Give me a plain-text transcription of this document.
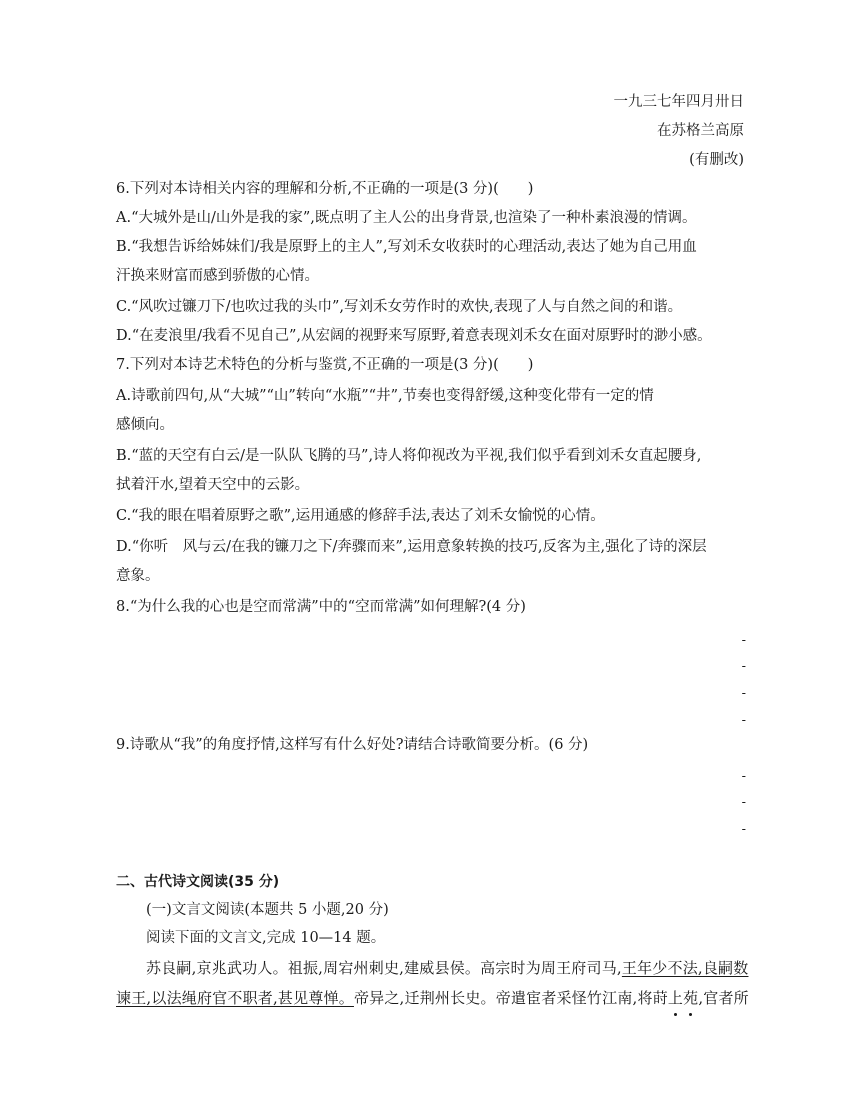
一九三七年四月卅日
在苏格兰高原
(有删改)
6.下列对本诗相关内容的理解和分析,不正确的一项是(3 分)(　　)
A.“大城外是山/山外是我的家”,既点明了主人公的出身背景,也渲染了一种朴素浪漫的情调。
B.“我想告诉给姊妹们/我是原野上的主人”,写刘禾女收获时的心理活动,表达了她为自己用血
汗换来财富而感到骄傲的心情。
C.“风吹过镰刀下/也吹过我的头巾”,写刘禾女劳作时的欢快,表现了人与自然之间的和谐。
D.“在麦浪里/我看不见自己”,从宏阔的视野来写原野,着意表现刘禾女在面对原野时的渺小感。
7.下列对本诗艺术特色的分析与鉴赏,不正确的一项是(3 分)(　　)
A.诗歌前四句,从“大城”“山”转向“水瓶”“井”,节奏也变得舒缓,这种变化带有一定的情
感倾向。
B.“蓝的天空有白云/是一队队飞腾的马”,诗人将仰视改为平视,我们似乎看到刘禾女直起腰身,
拭着汗水,望着天空中的云影。
C.“我的眼在唱着原野之歌”,运用通感的修辞手法,表达了刘禾女愉悦的心情。
D.“你听　风与云/在我的镰刀之下/奔骤而来”,运用意象转换的技巧,反客为主,强化了诗的深层
意象。
8.“为什么我的心也是空而常满”中的“空而常满”如何理解?(4 分)
-
-
-
-
9.诗歌从“我”的角度抒情,这样写有什么好处?请结合诗歌简要分析。(6 分)
-
-
-
二、古代诗文阅读(35 分)
(一)文言文阅读(本题共 5 小题,20 分)
阅读下面的文言文,完成 10—14 题。
苏良嗣,京兆武功人。祖振,周宕州刺史,建威县侯。高宗时为周王府司马,王年少不法,良嗣数
谏王,以法绳府官不职者,甚见尊惮。帝异之,迁荆州长史。帝遣宦者采怪竹江南,将莳上
苑
,官者所
